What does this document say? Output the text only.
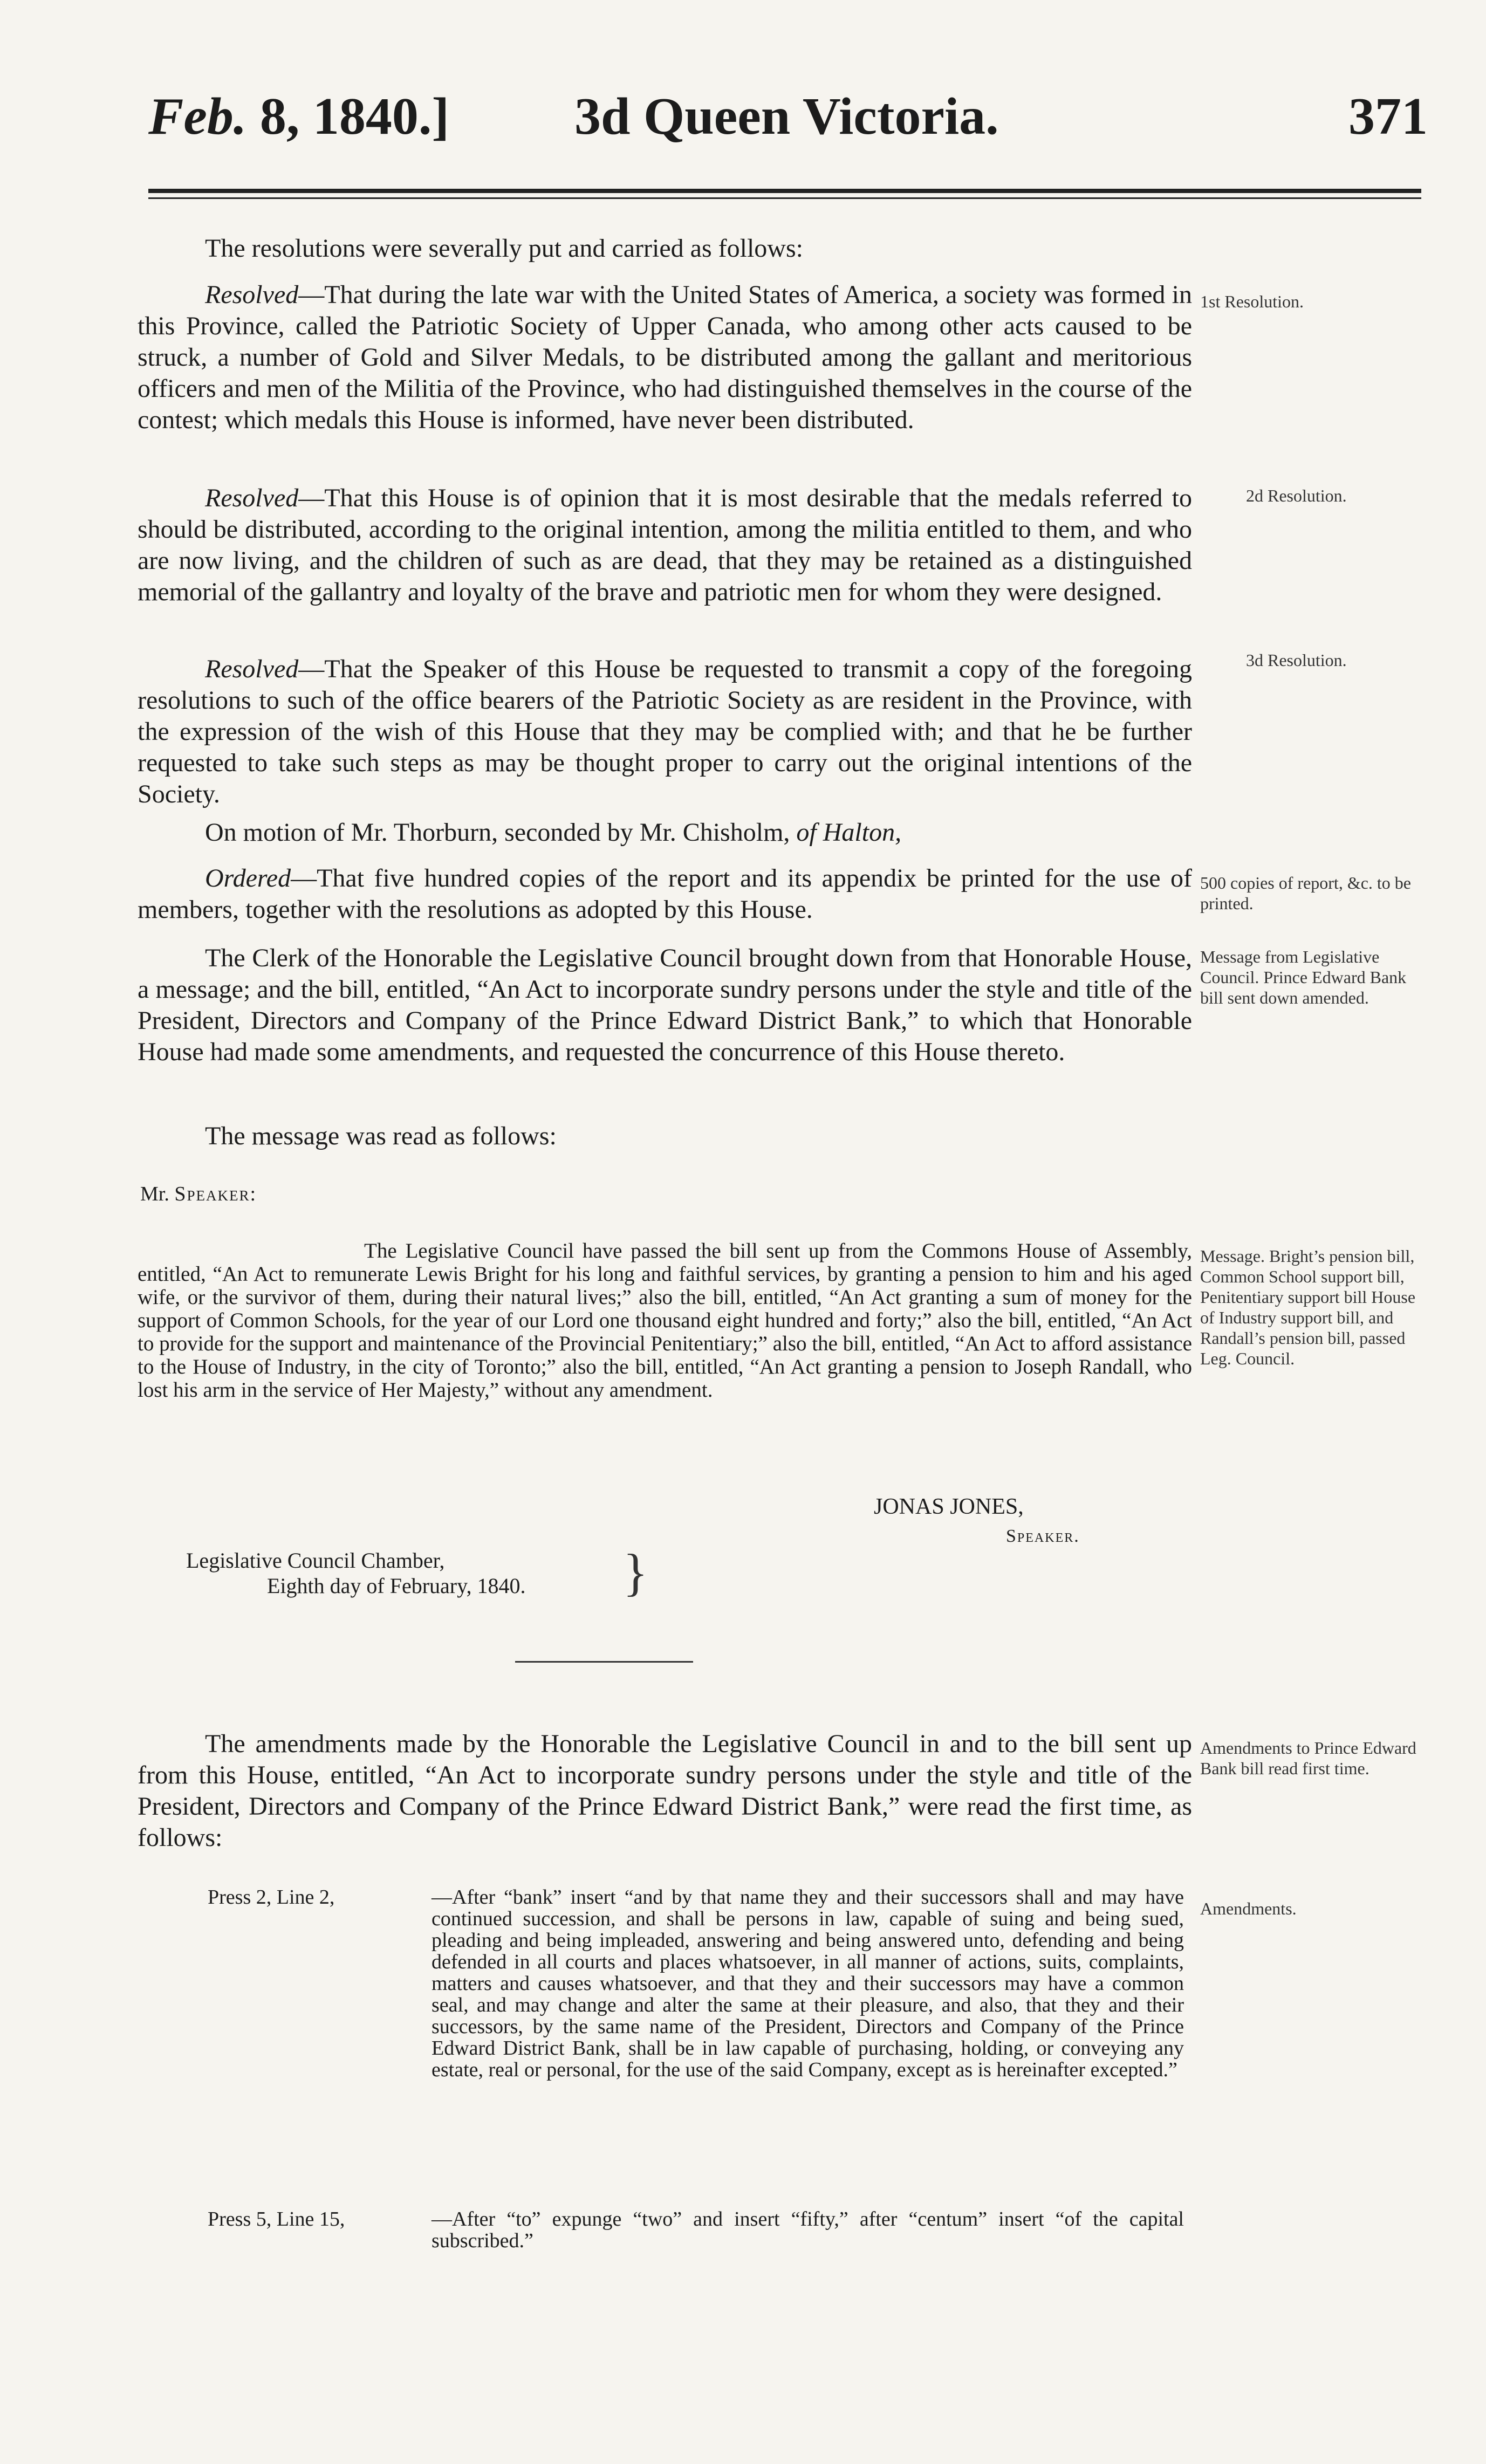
Feb. 8, 1840.] 3d Queen Victoria.	371
The resolutions were severally put and carried as follows:
Resolved—That during the late war with the United States of America, a society was formed in this Province, called the Patriotic Society of Upper Canada, who among other acts caused to be struck, a number of Gold and Silver Medals, to be distributed among the gallant and meritorious officers and men of the Militia of the Province, who had distinguished themselves in the course of the contest; which medals this House is informed, have never been distributed.
1st Resolution.
Resolved—That this House is of opinion that it is most desirable that the medals referred to should be distributed, according to the original intention, among the militia entitled to them, and who are now living, and the children of such as are dead, that they may be retained as a distinguished memorial of the gallantry and loyalty of the brave and patriotic men for whom they were designed.
2d Resolution.
Resolved—That the Speaker of this House be requested to transmit a copy of the foregoing resolutions to such of the office bearers of the Patriotic Society as are resident in the Province, with the expression of the wish of this House that they may be complied with; and that he be further requested to take such steps as may be thought proper to carry out the original intentions of the Society.
3d Resolution.
On motion of Mr. Thorburn, seconded by Mr. Chisholm, of Halton,
Ordered—That five hundred copies of the report and its appendix be printed for the use of members, together with the resolutions as adopted by this House.
500 copies of report, &c. to be printed.
The Clerk of the Honorable the Legislative Council brought down from that Honorable House, a message; and the bill, entitled, “An Act to incorporate sundry persons under the style and title of the President, Directors and Company of the Prince Edward District Bank,” to which that Honorable House had made some amendments, and requested the concurrence of this House thereto.
Message from Legislative Council. Prince Edward Bank bill sent down amended.
The message was read as follows:
Mr. Speaker:
The Legislative Council have passed the bill sent up from the Commons House of Assembly, entitled, “An Act to remunerate Lewis Bright for his long and faithful services, by granting a pension to him and his aged wife, or the survivor of them, during their natural lives;” also the bill, entitled, “An Act granting a sum of money for the support of Common Schools, for the year of our Lord one thousand eight hundred and forty;” also the bill, entitled, “An Act to provide for the support and maintenance of the Provincial Penitentiary;” also the bill, entitled, “An Act to afford assistance to the House of Industry, in the city of Toronto;” also the bill, entitled, “An Act granting a pension to Joseph Randall, who lost his arm in the service of Her Majesty,” without any amendment.
Message. Bright’s pension bill, Common School support bill, Penitentiary support bill House of Industry support bill, and Randall’s pension bill, passed Leg. Council.
JONAS JONES,
Speaker.
Legislative Council Chamber,
Eighth day of February, 1840. }
The amendments made by the Honorable the Legislative Council in and to the bill sent up from this House, entitled, “An Act to incorporate sundry persons under the style and title of the President, Directors and Company of the Prince Edward District Bank,” were read the first time, as follows:
Amendments to Prince Edward Bank bill read first time.
Press 2, Line 2,	—After “bank” insert “and by that name they and their successors shall and may have continued succession, and shall be persons in law, capable of suing and being sued, pleading and being impleaded, answering and being answered unto, defending and being defended in all courts and places whatsoever, in all manner of actions, suits, complaints, matters and causes whatsoever, and that they and their successors may have a common seal, and may change and alter the same at their pleasure, and also, that they and their successors, by the same name of the President, Directors and Company of the Prince Edward District Bank, shall be in law capable of purchasing, holding, or conveying any estate, real or personal, for the use of the said Company, except as is hereinafter excepted.”
Amendments.
Press 5, Line 15,	—After “to” expunge “two” and insert “fifty,” after “centum” insert “of the capital subscribed.”
